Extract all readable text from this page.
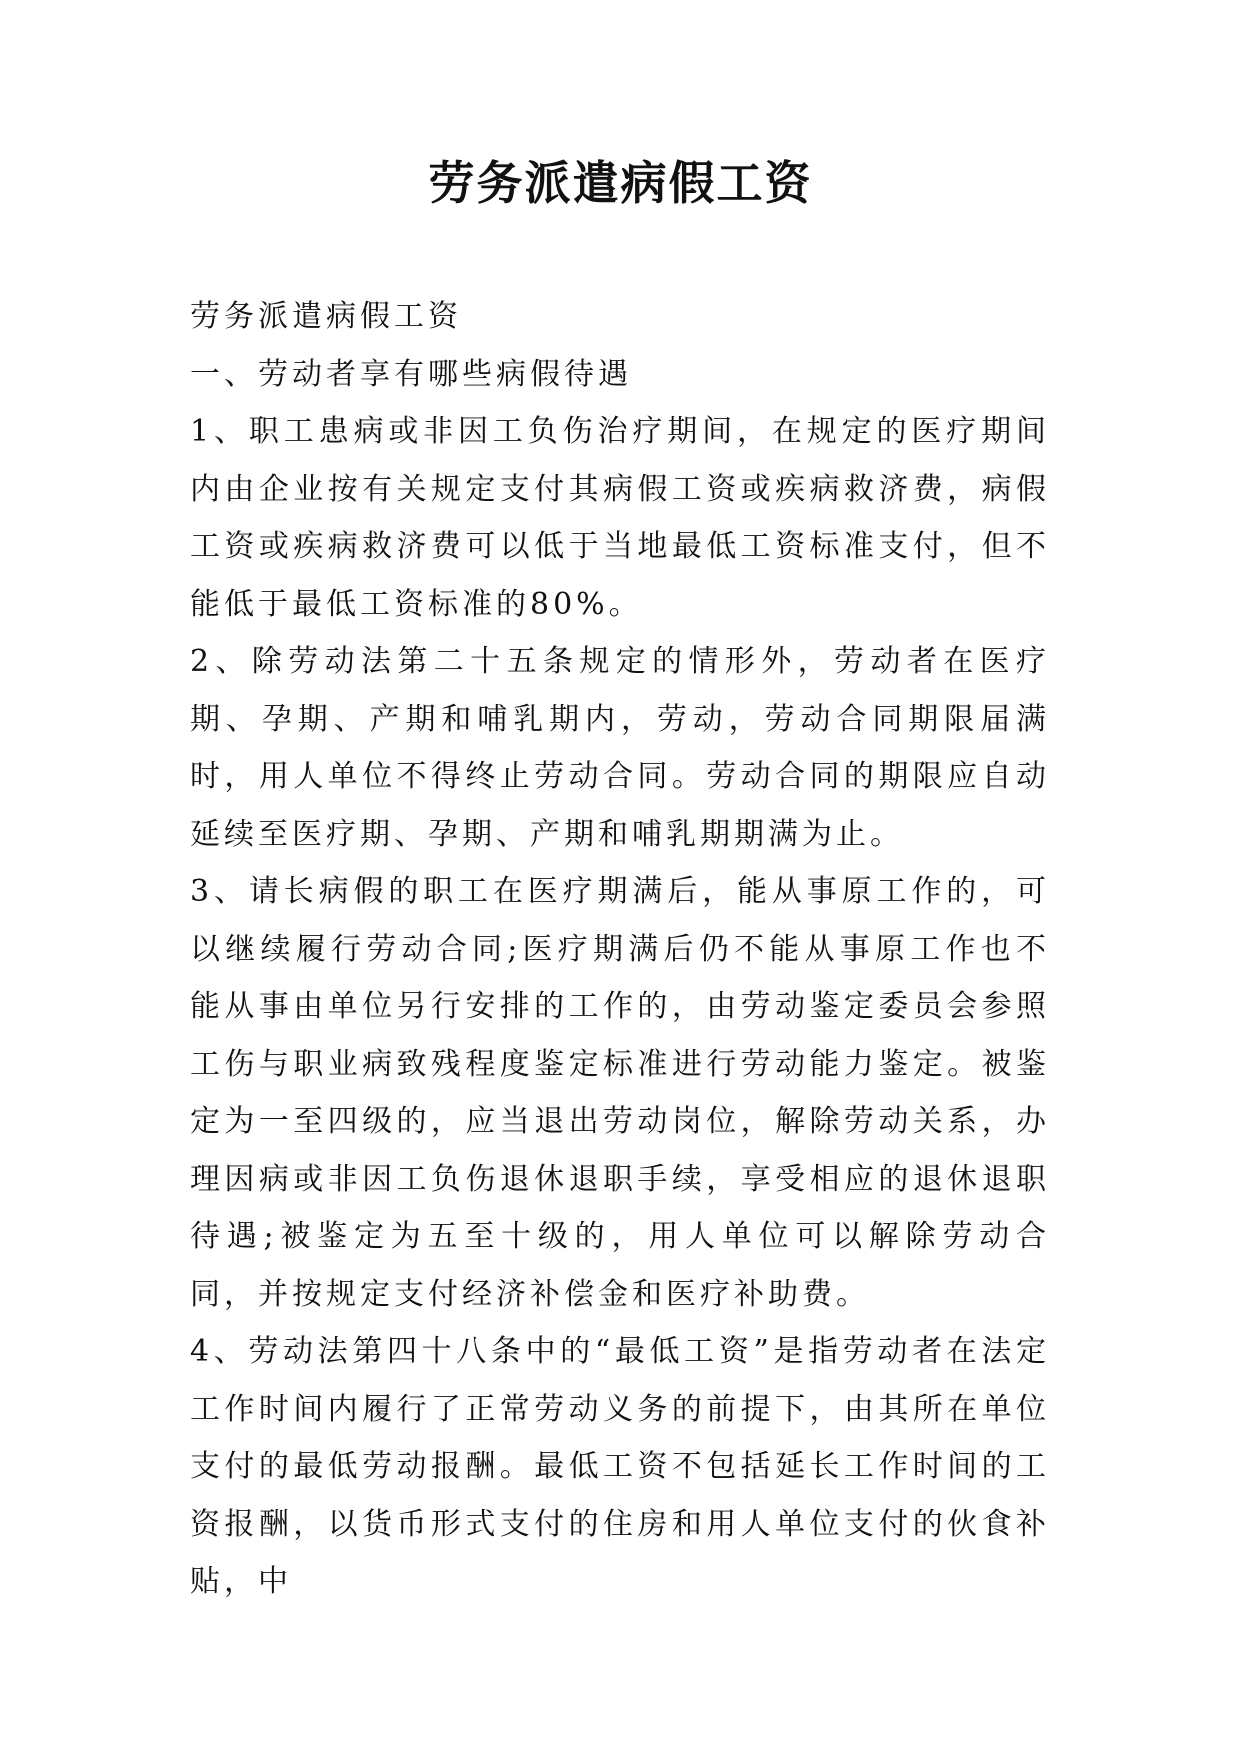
劳务派遣病假工资

劳务派遣病假工资

一、劳动者享有哪些病假待遇

1、职工患病或非因工负伤治疗期间，在规定的医疗期间内由企业按有关规定支付其病假工资或疾病救济费，病假工资或疾病救济费可以低于当地最低工资标准支付，但不能低于最低工资标准的80%。

2、除劳动法第二十五条规定的情形外，劳动者在医疗期、孕期、产期和哺乳期内，劳动，劳动合同期限届满时，用人单位不得终止劳动合同。劳动合同的期限应自动延续至医疗期、孕期、产期和哺乳期期满为止。

3、请长病假的职工在医疗期满后，能从事原工作的，可以继续履行劳动合同;医疗期满后仍不能从事原工作也不能从事由单位另行安排的工作的，由劳动鉴定委员会参照工伤与职业病致残程度鉴定标准进行劳动能力鉴定。被鉴定为一至四级的，应当退出劳动岗位，解除劳动关系，办理因病或非因工负伤退休退职手续，享受相应的退休退职待遇;被鉴定为五至十级的，用人单位可以解除劳动合同，并按规定支付经济补偿金和医疗补助费。

4、劳动法第四十八条中的“最低工资”是指劳动者在法定工作时间内履行了正常劳动义务的前提下，由其所在单位支付的最低劳动报酬。最低工资不包括延长工作时间的工资报酬，以货币形式支付的住房和用人单位支付的伙食补贴，中
